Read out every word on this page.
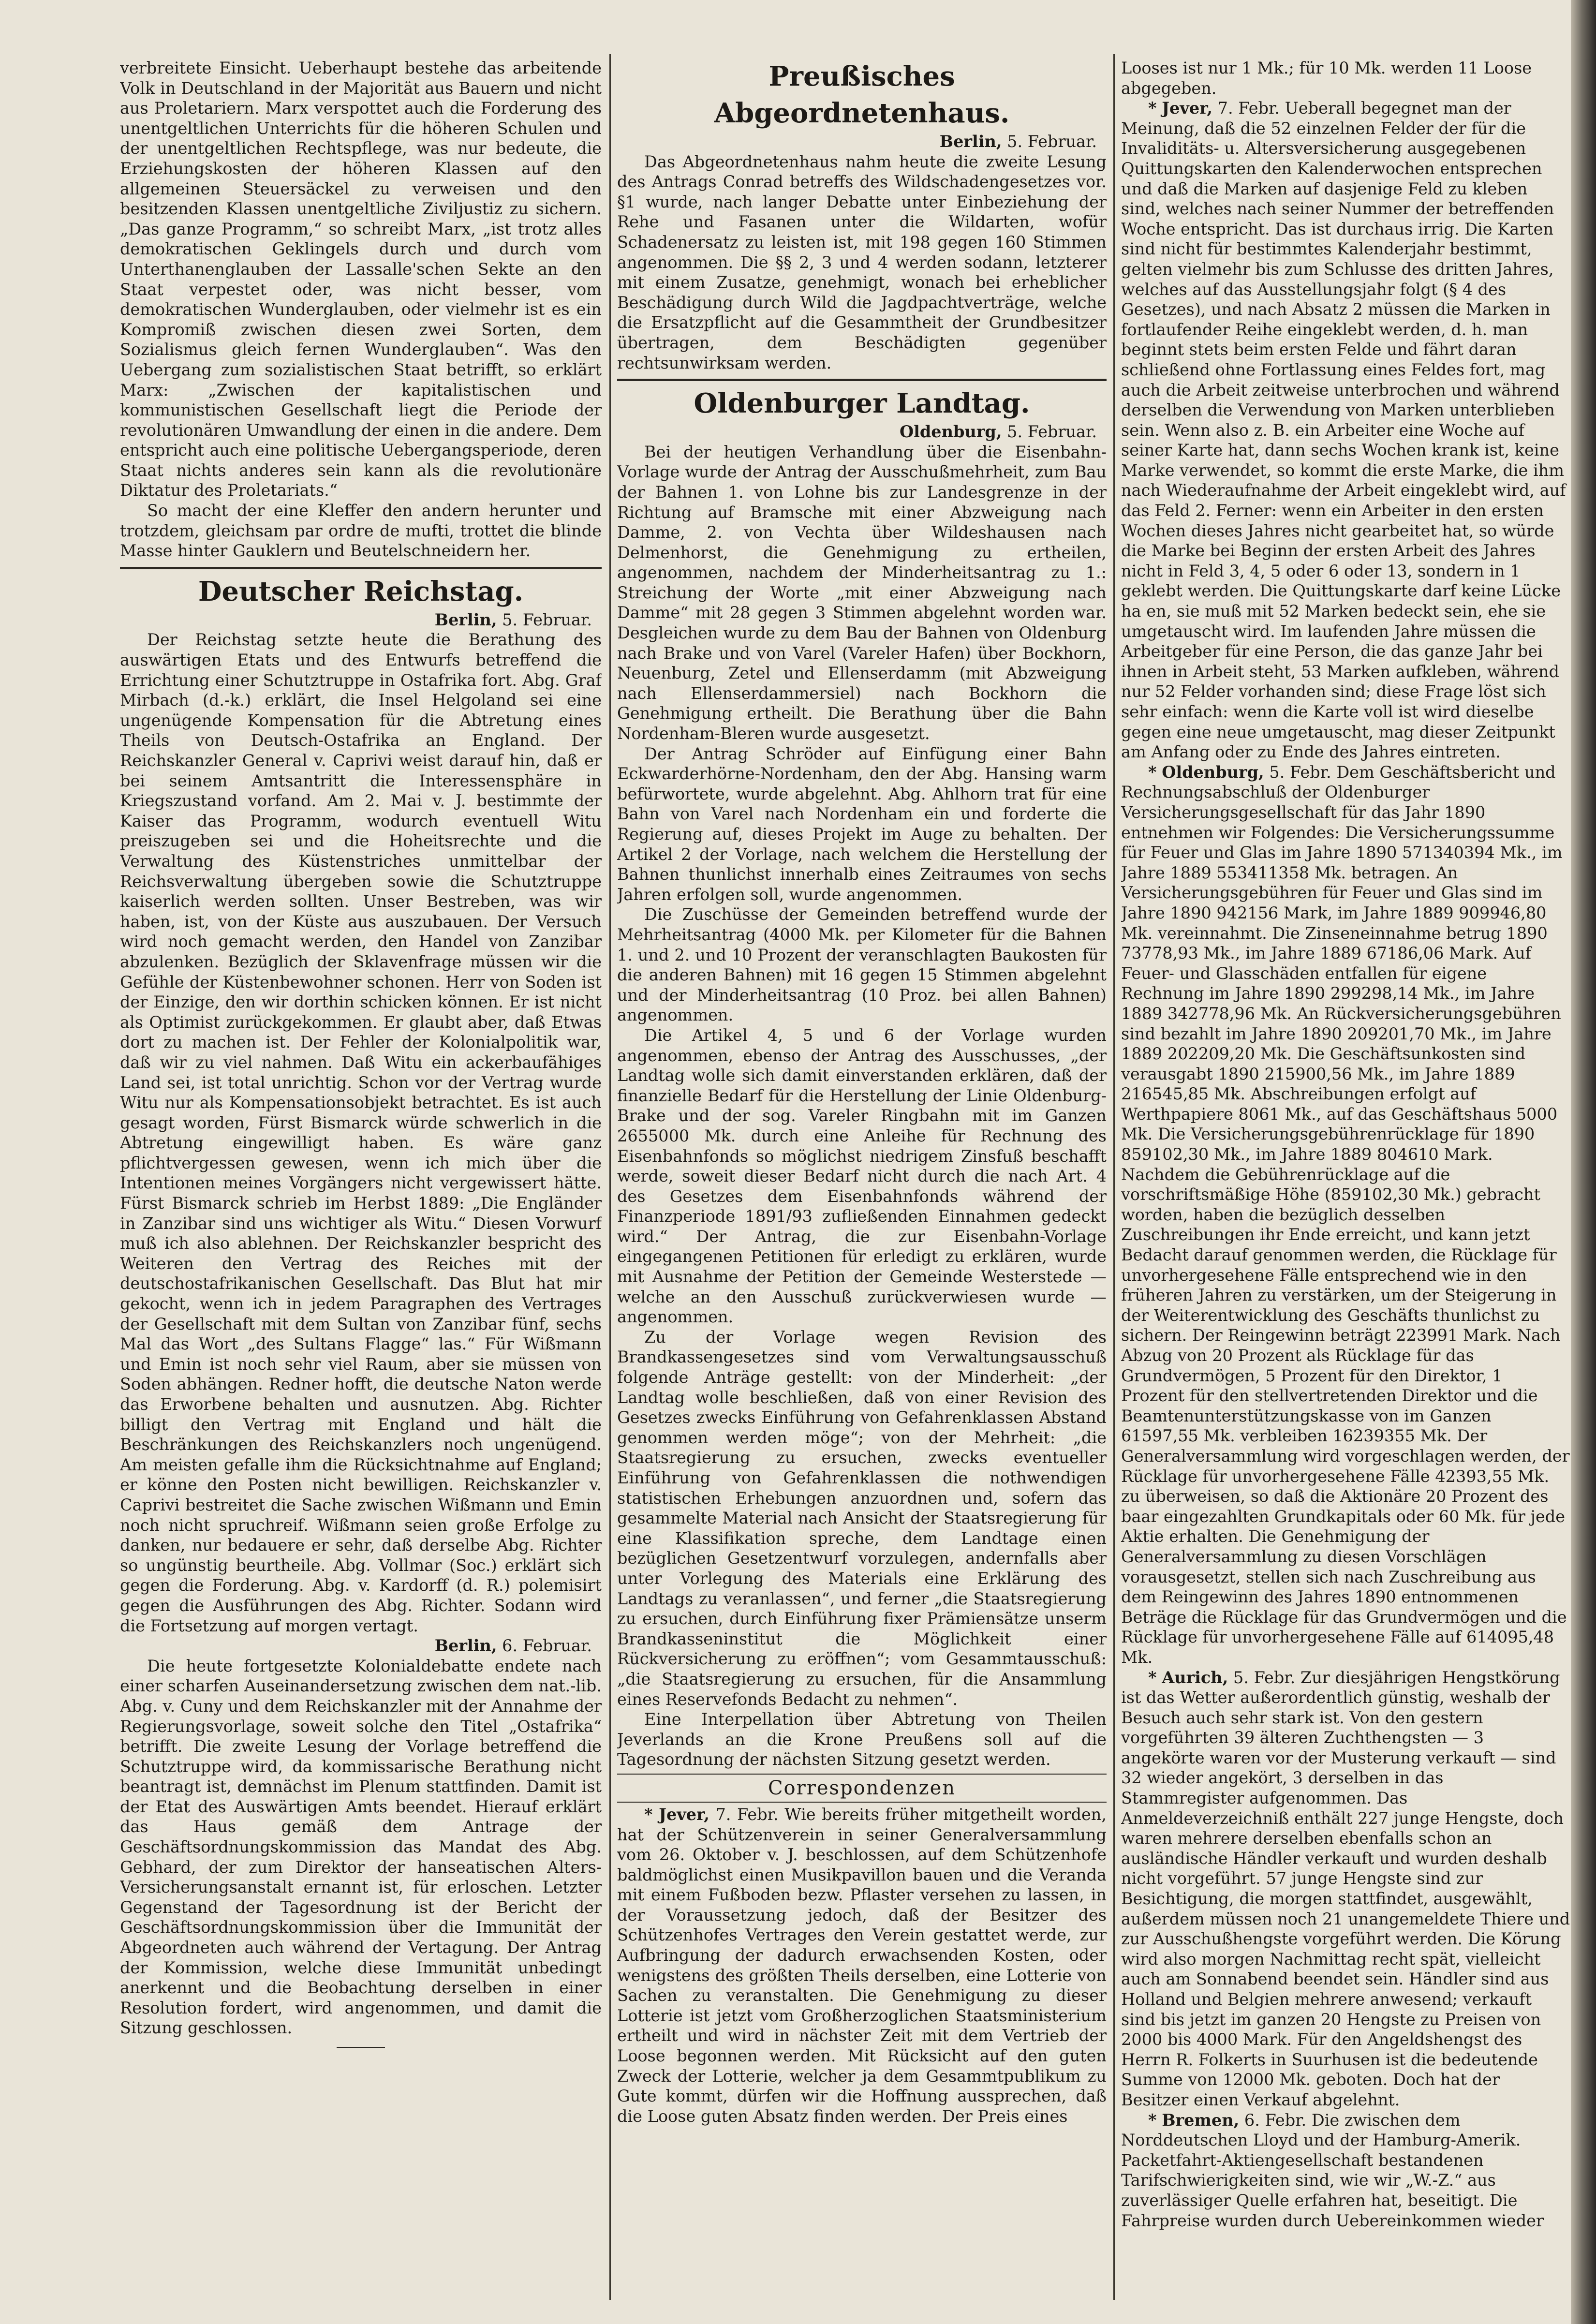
verbreitete Einsicht. Ueberhaupt bestehe das arbeitende Volk in Deutschland in der Majorität aus Bauern und nicht aus Proletariern. Marx verspottet auch die Forderung des unentgeltlichen Unterrichts für die höheren Schulen und der unentgeltlichen Rechtspflege, was nur bedeute, die Erziehungskosten der höheren Klassen auf den allgemeinen Steuersäckel zu verweisen und den besitzenden Klassen unentgeltliche Ziviljustiz zu sichern. „Das ganze Programm,“ so schreibt Marx, „ist trotz alles demokratischen Geklingels durch und durch vom Unterthanenglauben der Lassalle'schen Sekte an den Staat verpestet oder, was nicht besser, vom demokratischen Wunderglauben, oder vielmehr ist es ein Kompromiß zwischen diesen zwei Sorten, dem Sozialismus gleich fernen Wunderglauben“. Was den Uebergang zum sozialistischen Staat betrifft, so erklärt Marx: „Zwischen der kapitalistischen und kommunistischen Gesellschaft liegt die Periode der revolutionären Umwandlung der einen in die andere. Dem entspricht auch eine politische Uebergangsperiode, deren Staat nichts anderes sein kann als die revolutionäre Diktatur des Proletariats.“

So macht der eine Kleffer den andern herunter und trotzdem, gleichsam par ordre de mufti, trottet die blinde Masse hinter Gauklern und Beutelschneidern her.

Deutscher Reichstag.
Berlin, 5. Februar.

Der Reichstag setzte heute die Berathung des auswärtigen Etats und des Entwurfs betreffend die Errichtung einer Schutztruppe in Ostafrika fort. Abg. Graf Mirbach (d.-k.) erklärt, die Insel Helgoland sei eine ungenügende Kompensation für die Abtretung eines Theils von Deutsch-Ostafrika an England. Der Reichskanzler General v. Caprivi weist darauf hin, daß er bei seinem Amtsantritt die Interessensphäre in Kriegszustand vorfand. Am 2. Mai v. J. bestimmte der Kaiser das Programm, wodurch eventuell Witu preiszugeben sei und die Hoheitsrechte und die Verwaltung des Küstenstriches unmittelbar der Reichsverwaltung übergeben sowie die Schutztruppe kaiserlich werden sollten. Unser Bestreben, was wir haben, ist, von der Küste aus auszubauen. Der Versuch wird noch gemacht werden, den Handel von Zanzibar abzulenken. Bezüglich der Sklavenfrage müssen wir die Gefühle der Küstenbewohner schonen. Herr von Soden ist der Einzige, den wir dorthin schicken können. Er ist nicht als Optimist zurückgekommen. Er glaubt aber, daß Etwas dort zu machen ist. Der Fehler der Kolonialpolitik war, daß wir zu viel nahmen. Daß Witu ein ackerbaufähiges Land sei, ist total unrichtig. Schon vor der Vertrag wurde Witu nur als Kompensationsobjekt betrachtet. Es ist auch gesagt worden, Fürst Bismarck würde schwerlich in die Abtretung eingewilligt haben. Es wäre ganz pflichtvergessen gewesen, wenn ich mich über die Intentionen meines Vorgängers nicht vergewissert hätte. Fürst Bismarck schrieb im Herbst 1889: „Die Engländer in Zanzibar sind uns wichtiger als Witu.“ Diesen Vorwurf muß ich also ablehnen. Der Reichskanzler bespricht des Weiteren den Vertrag des Reiches mit der deutschostafrikanischen Gesellschaft. Das Blut hat mir gekocht, wenn ich in jedem Paragraphen des Vertrages der Gesellschaft mit dem Sultan von Zanzibar fünf, sechs Mal das Wort „des Sultans Flagge“ las.“ Für Wißmann und Emin ist noch sehr viel Raum, aber sie müssen von Soden abhängen. Redner hofft, die deutsche Naton werde das Erworbene behalten und ausnutzen. Abg. Richter billigt den Vertrag mit England und hält die Beschränkungen des Reichskanzlers noch ungenügend. Am meisten gefalle ihm die Rücksichtnahme auf England; er könne den Posten nicht bewilligen. Reichskanzler v. Caprivi bestreitet die Sache zwischen Wißmann und Emin noch nicht spruchreif. Wißmann seien große Erfolge zu danken, nur bedauere er sehr, daß derselbe Abg. Richter so ungünstig beurtheile. Abg. Vollmar (Soc.) erklärt sich gegen die Forderung. Abg. v. Kardorff (d. R.) polemisirt gegen die Ausführungen des Abg. Richter. Sodann wird die Fortsetzung auf morgen vertagt.

Berlin, 6. Februar.

Die heute fortgesetzte Kolonialdebatte endete nach einer scharfen Auseinandersetzung zwischen dem nat.-lib. Abg. v. Cuny und dem Reichskanzler mit der Annahme der Regierungsvorlage, soweit solche den Titel „Ostafrika“ betrifft. Die zweite Lesung der Vorlage betreffend die Schutztruppe wird, da kommissarische Berathung nicht beantragt ist, demnächst im Plenum stattfinden. Damit ist der Etat des Auswärtigen Amts beendet. Hierauf erklärt das Haus gemäß dem Antrage der Geschäftsordnungskommission das Mandat des Abg. Gebhard, der zum Direktor der hanseatischen Alters-Versicherungsanstalt ernannt ist, für erloschen. Letzter Gegenstand der Tagesordnung ist der Bericht der Geschäftsordnungskommission über die Immunität der Abgeordneten auch während der Vertagung. Der Antrag der Kommission, welche diese Immunität unbedingt anerkennt und die Beobachtung derselben in einer Resolution fordert, wird angenommen, und damit die Sitzung geschlossen.

Preußisches Abgeordnetenhaus.
Berlin, 5. Februar.

Das Abgeordnetenhaus nahm heute die zweite Lesung des Antrags Conrad betreffs des Wildschadengesetzes vor. §1 wurde, nach langer Debatte unter Einbeziehung der Rehe und Fasanen unter die Wildarten, wofür Schadenersatz zu leisten ist, mit 198 gegen 160 Stimmen angenommen. Die §§ 2, 3 und 4 werden sodann, letzterer mit einem Zusatze, genehmigt, wonach bei erheblicher Beschädigung durch Wild die Jagdpachtverträge, welche die Ersatzpflicht auf die Gesammtheit der Grundbesitzer übertragen, dem Beschädigten gegenüber rechtsunwirksam werden.

Oldenburger Landtag.
Oldenburg, 5. Februar.

Bei der heutigen Verhandlung über die Eisenbahn-Vorlage wurde der Antrag der Ausschußmehrheit, zum Bau der Bahnen 1. von Lohne bis zur Landesgrenze in der Richtung auf Bramsche mit einer Abzweigung nach Damme, 2. von Vechta über Wildeshausen nach Delmenhorst, die Genehmigung zu ertheilen, angenommen, nachdem der Minderheitsantrag zu 1.: Streichung der Worte „mit einer Abzweigung nach Damme“ mit 28 gegen 3 Stimmen abgelehnt worden war. Desgleichen wurde zu dem Bau der Bahnen von Oldenburg nach Brake und von Varel (Vareler Hafen) über Bockhorn, Neuenburg, Zetel und Ellenserdamm (mit Abzweigung nach Ellenserdammersiel) nach Bockhorn die Genehmigung ertheilt. Die Berathung über die Bahn Nordenham-Bleren wurde ausgesetzt.

Der Antrag Schröder auf Einfügung einer Bahn Eckwarderhörne-Nordenham, den der Abg. Hansing warm befürwortete, wurde abgelehnt. Abg. Ahlhorn trat für eine Bahn von Varel nach Nordenham ein und forderte die Regierung auf, dieses Projekt im Auge zu behalten. Der Artikel 2 der Vorlage, nach welchem die Herstellung der Bahnen thunlichst innerhalb eines Zeitraumes von sechs Jahren erfolgen soll, wurde angenommen.

Die Zuschüsse der Gemeinden betreffend wurde der Mehrheitsantrag (4000 Mk. per Kilometer für die Bahnen 1. und 2. und 10 Prozent der veranschlagten Baukosten für die anderen Bahnen) mit 16 gegen 15 Stimmen abgelehnt und der Minderheitsantrag (10 Proz. bei allen Bahnen) angenommen.

Die Artikel 4, 5 und 6 der Vorlage wurden angenommen, ebenso der Antrag des Ausschusses, „der Landtag wolle sich damit einverstanden erklären, daß der finanzielle Bedarf für die Herstellung der Linie Oldenburg-Brake und der sog. Vareler Ringbahn mit im Ganzen 2655000 Mk. durch eine Anleihe für Rechnung des Eisenbahnfonds so möglichst niedrigem Zinsfuß beschafft werde, soweit dieser Bedarf nicht durch die nach Art. 4 des Gesetzes dem Eisenbahnfonds während der Finanzperiode 1891/93 zufließenden Einnahmen gedeckt wird.“ Der Antrag, die zur Eisenbahn-Vorlage eingegangenen Petitionen für erledigt zu erklären, wurde mit Ausnahme der Petition der Gemeinde Westerstede — welche an den Ausschuß zurückverwiesen wurde — angenommen.

Zu der Vorlage wegen Revision des Brandkassengesetzes sind vom Verwaltungsausschuß folgende Anträge gestellt: von der Minderheit: „der Landtag wolle beschließen, daß von einer Revision des Gesetzes zwecks Einführung von Gefahrenklassen Abstand genommen werden möge“; von der Mehrheit: „die Staatsregierung zu ersuchen, zwecks eventueller Einführung von Gefahrenklassen die nothwendigen statistischen Erhebungen anzuordnen und, sofern das gesammelte Material nach Ansicht der Staatsregierung für eine Klassifikation spreche, dem Landtage einen bezüglichen Gesetzentwurf vorzulegen, andernfalls aber unter Vorlegung des Materials eine Erklärung des Landtags zu veranlassen“, und ferner „die Staatsregierung zu ersuchen, durch Einführung fixer Prämiensätze unserm Brandkasseninstitut die Möglichkeit einer Rückversicherung zu eröffnen“; vom Gesammtausschuß: „die Staatsregierung zu ersuchen, für die Ansammlung eines Reservefonds Bedacht zu nehmen“.

Eine Interpellation über Abtretung von Theilen Jeverlands an die Krone Preußens soll auf die Tagesordnung der nächsten Sitzung gesetzt werden.

Correspondenzen

* Jever, 7. Febr. Wie bereits früher mitgetheilt worden, hat der Schützenverein in seiner Generalversammlung vom 26. Oktober v. J. beschlossen, auf dem Schützenhofe baldmöglichst einen Musikpavillon bauen und die Veranda mit einem Fußboden bezw. Pflaster versehen zu lassen, in der Voraussetzung jedoch, daß der Besitzer des Schützenhofes Vertrages den Verein gestattet werde, zur Aufbringung der dadurch erwachsenden Kosten, oder wenigstens des größten Theils derselben, eine Lotterie von Sachen zu veranstalten. Die Genehmigung zu dieser Lotterie ist jetzt vom Großherzoglichen Staatsministerium ertheilt und wird in nächster Zeit mit dem Vertrieb der Loose begonnen werden. Mit Rücksicht auf den guten Zweck der Lotterie, welcher ja dem Gesammtpublikum zu Gute kommt, dürfen wir die Hoffnung aussprechen, daß die Loose guten Absatz finden werden. Der Preis eines

Looses ist nur 1 Mk.; für 10 Mk. werden 11 Loose abgegeben.

* Jever, 7. Febr. Ueberall begegnet man der Meinung, daß die 52 einzelnen Felder der für die Invaliditäts- u. Altersversicherung ausgegebenen Quittungskarten den Kalenderwochen entsprechen und daß die Marken auf dasjenige Feld zu kleben sind, welches nach seiner Nummer der betreffenden Woche entspricht. Das ist durchaus irrig. Die Karten sind nicht für bestimmtes Kalenderjahr bestimmt, gelten vielmehr bis zum Schlusse des dritten Jahres, welches auf das Ausstellungsjahr folgt (§ 4 des Gesetzes), und nach Absatz 2 müssen die Marken in fortlaufender Reihe eingeklebt werden, d. h. man beginnt stets beim ersten Felde und fährt daran schließend ohne Fortlassung eines Feldes fort, mag auch die Arbeit zeitweise unterbrochen und während derselben die Verwendung von Marken unterblieben sein. Wenn also z. B. ein Arbeiter eine Woche auf seiner Karte hat, dann sechs Wochen krank ist, keine Marke verwendet, so kommt die erste Marke, die ihm nach Wiederaufnahme der Arbeit eingeklebt wird, auf das Feld 2. Ferner: wenn ein Arbeiter in den ersten Wochen dieses Jahres nicht gearbeitet hat, so würde die Marke bei Beginn der ersten Arbeit des Jahres nicht in Feld 3, 4, 5 oder 6 oder 13, sondern in 1 geklebt werden. Die Quittungskarte darf keine Lücke ha en, sie muß mit 52 Marken bedeckt sein, ehe sie umgetauscht wird. Im laufenden Jahre müssen die Arbeitgeber für eine Person, die das ganze Jahr bei ihnen in Arbeit steht, 53 Marken aufkleben, während nur 52 Felder vorhanden sind; diese Frage löst sich sehr einfach: wenn die Karte voll ist wird dieselbe gegen eine neue umgetauscht, mag dieser Zeitpunkt am Anfang oder zu Ende des Jahres eintreten.

* Oldenburg, 5. Febr. Dem Geschäftsbericht und Rechnungsabschluß der Oldenburger Versicherungsgesellschaft für das Jahr 1890 entnehmen wir Folgendes: Die Versicherungssumme für Feuer und Glas im Jahre 1890 571340394 Mk., im Jahre 1889 553411358 Mk. betragen. An Versicherungsgebühren für Feuer und Glas sind im Jahre 1890 942156 Mark, im Jahre 1889 909946,80 Mk. vereinnahmt. Die Zinseneinnahme betrug 1890 73778,93 Mk., im Jahre 1889 67186,06 Mark. Auf Feuer- und Glasschäden entfallen für eigene Rechnung im Jahre 1890 299298,14 Mk., im Jahre 1889 342778,96 Mk. An Rückversicherungsgebühren sind bezahlt im Jahre 1890 209201,70 Mk., im Jahre 1889 202209,20 Mk. Die Geschäftsunkosten sind verausgabt 1890 215900,56 Mk., im Jahre 1889 216545,85 Mk. Abschreibungen erfolgt auf Werthpapiere 8061 Mk., auf das Geschäftshaus 5000 Mk. Die Versicherungsgebührenrücklage für 1890 859102,30 Mk., im Jahre 1889 804610 Mark. Nachdem die Gebührenrücklage auf die vorschriftsmäßige Höhe (859102,30 Mk.) gebracht worden, haben die bezüglich desselben Zuschreibungen ihr Ende erreicht, und kann jetzt Bedacht darauf genommen werden, die Rücklage für unvorhergesehene Fälle entsprechend wie in den früheren Jahren zu verstärken, um der Steigerung in der Weiterentwicklung des Geschäfts thunlichst zu sichern. Der Reingewinn beträgt 223991 Mark. Nach Abzug von 20 Prozent als Rücklage für das Grundvermögen, 5 Prozent für den Direktor, 1 Prozent für den stellvertretenden Direktor und die Beamtenunterstützungskasse von im Ganzen 61597,55 Mk. verbleiben 16239355 Mk. Der Generalversammlung wird vorgeschlagen werden, der Rücklage für unvorhergesehene Fälle 42393,55 Mk. zu überweisen, so daß die Aktionäre 20 Prozent des baar eingezahlten Grundkapitals oder 60 Mk. für jede Aktie erhalten. Die Genehmigung der Generalversammlung zu diesen Vorschlägen vorausgesetzt, stellen sich nach Zuschreibung aus dem Reingewinn des Jahres 1890 entnommenen Beträge die Rücklage für das Grundvermögen und die Rücklage für unvorhergesehene Fälle auf 614095,48 Mk.

* Aurich, 5. Febr. Zur diesjährigen Hengstkörung ist das Wetter außerordentlich günstig, weshalb der Besuch auch sehr stark ist. Von den gestern vorgeführten 39 älteren Zuchthengsten — 3 angekörte waren vor der Musterung verkauft — sind 32 wieder angekört, 3 derselben in das Stammregister aufgenommen. Das Anmeldeverzeichniß enthält 227 junge Hengste, doch waren mehrere derselben ebenfalls schon an ausländische Händler verkauft und wurden deshalb nicht vorgeführt. 57 junge Hengste sind zur Besichtigung, die morgen stattfindet, ausgewählt, außerdem müssen noch 21 unangemeldete Thiere und zur Ausschußhengste vorgeführt werden. Die Körung wird also morgen Nachmittag recht spät, vielleicht auch am Sonnabend beendet sein. Händler sind aus Holland und Belgien mehrere anwesend; verkauft sind bis jetzt im ganzen 20 Hengste zu Preisen von 2000 bis 4000 Mark. Für den Angeldshengst des Herrn R. Folkerts in Suurhusen ist die bedeutende Summe von 12000 Mk. geboten. Doch hat der Besitzer einen Verkauf abgelehnt.

* Bremen, 6. Febr. Die zwischen dem Norddeutschen Lloyd und der Hamburg-Amerik. Packetfahrt-Aktiengesellschaft bestandenen Tarifschwierigkeiten sind, wie wir „W.-Z.“ aus zuverlässiger Quelle erfahren hat, beseitigt. Die Fahrpreise wurden durch Uebereinkommen wieder
